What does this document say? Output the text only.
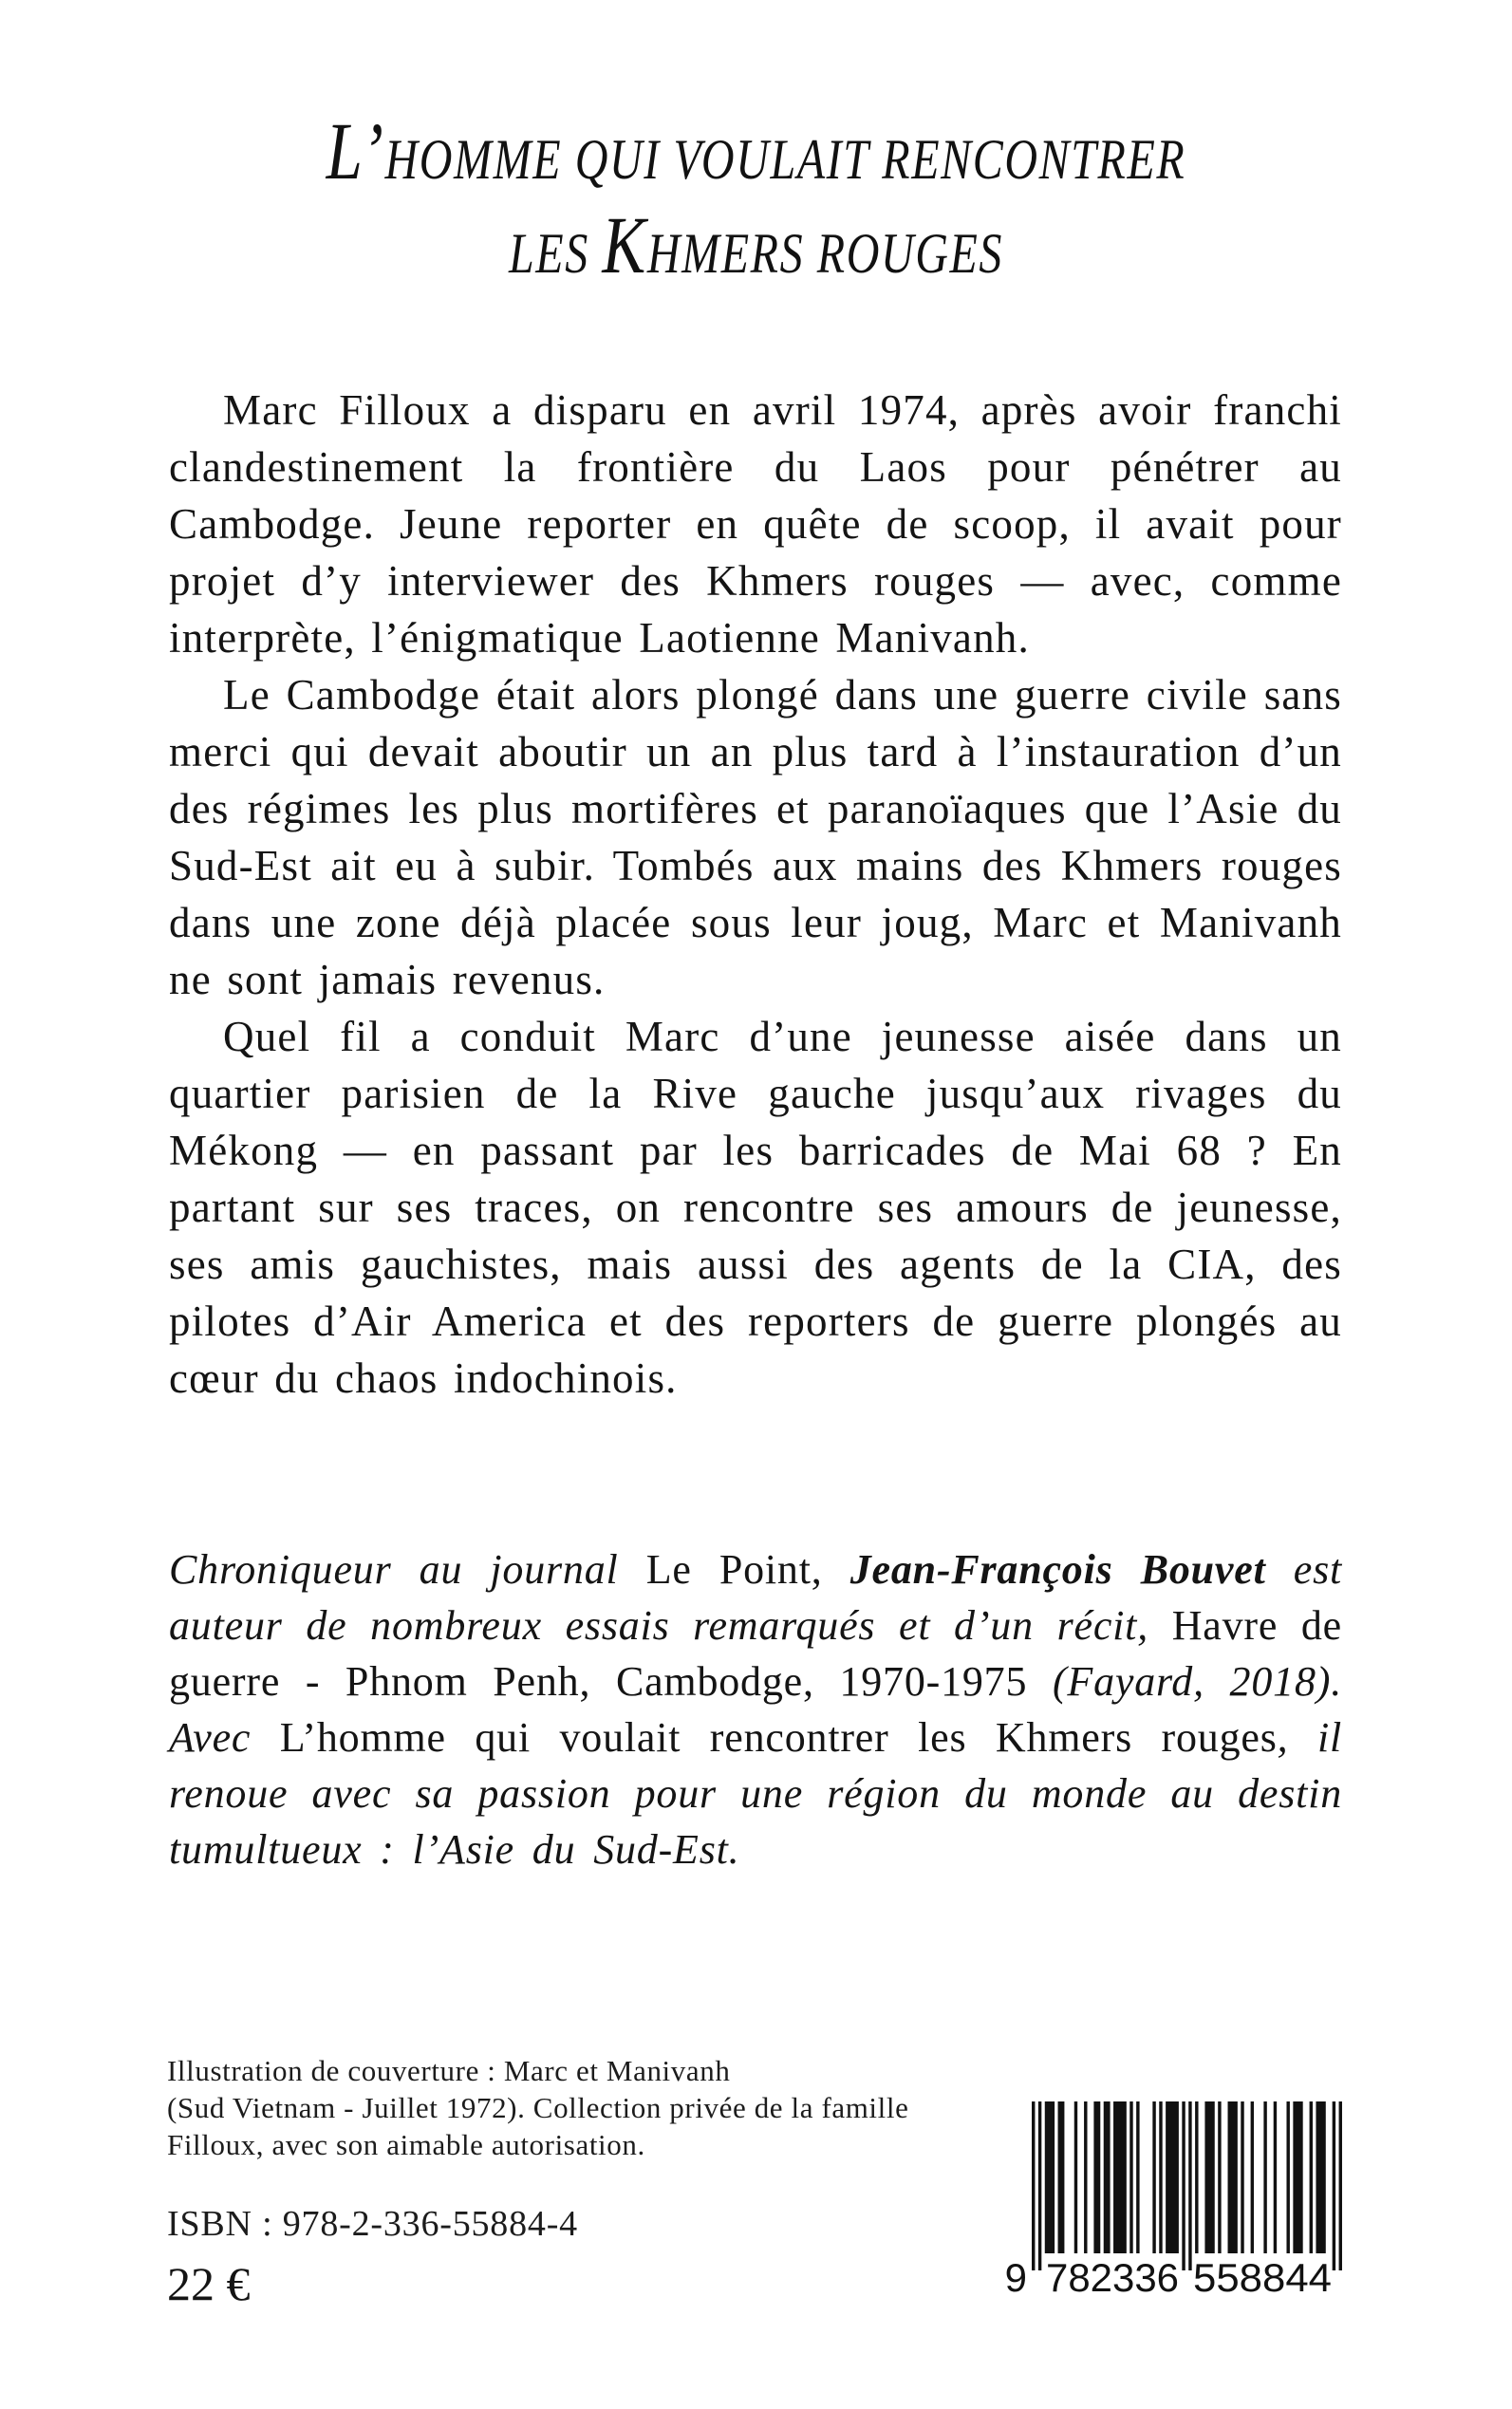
L’HOMME QUI VOULAIT RENCONTRER
LES KHMERS ROUGES

Marc Filloux a disparu en avril 1974, après avoir franchi clandestinement la frontière du Laos pour pénétrer au Cambodge. Jeune reporter en quête de scoop, il avait pour projet d’y interviewer des Khmers rouges — avec, comme interprète, l’énigmatique Laotienne Manivanh.

Le Cambodge était alors plongé dans une guerre civile sans merci qui devait aboutir un an plus tard à l’instauration d’un des régimes les plus mortifères et paranoïaques que l’Asie du Sud-Est ait eu à subir. Tombés aux mains des Khmers rouges dans une zone déjà placée sous leur joug, Marc et Manivanh ne sont jamais revenus.

Quel fil a conduit Marc d’une jeunesse aisée dans un quartier parisien de la Rive gauche jusqu’aux rivages du Mékong — en passant par les barricades de Mai 68 ? En partant sur ses traces, on rencontre ses amours de jeunesse, ses amis gauchistes, mais aussi des agents de la CIA, des pilotes d’Air America et des reporters de guerre plongés au cœur du chaos indochinois.

Chroniqueur au journal Le Point, Jean-François Bouvet est auteur de nombreux essais remarqués et d’un récit, Havre de guerre - Phnom Penh, Cambodge, 1970-1975 (Fayard, 2018). Avec L’homme qui voulait rencontrer les Khmers rouges, il renoue avec sa passion pour une région du monde au destin tumultueux : l’Asie du Sud-Est.
Illustration de couverture : Marc et Manivanh
(Sud Vietnam - Juillet 1972). Collection privée de la famille
Filloux, avec son aimable autorisation.
ISBN : 978-2-336-55884-4
22 €	9 782336 558844
